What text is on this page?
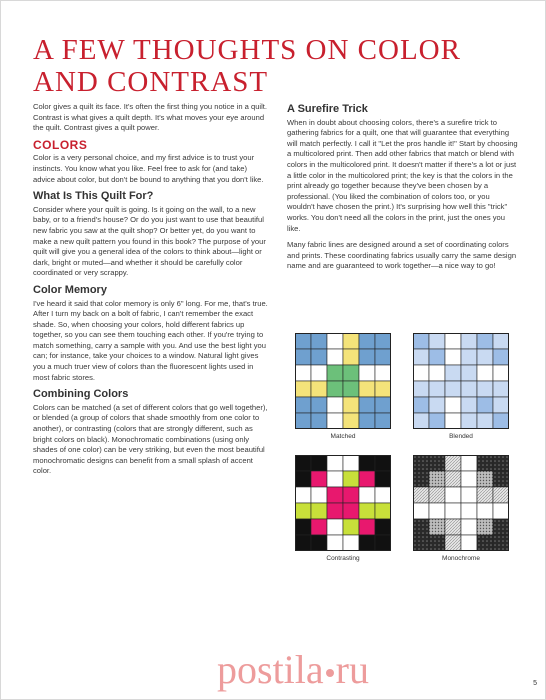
A FEW THOUGHTS ON COLOR AND CONTRAST

Color gives a quilt its face. It's often the first thing you notice in a quilt. Contrast is what gives a quilt depth. It's what moves your eye around the quilt. Contrast gives a quilt power.

COLORS

Color is a very personal choice, and my first advice is to trust your instincts. You know what you like. Feel free to ask for (and take) advice about color, but don't be bound to anything that you don't like.

What Is This Quilt For?

Consider where your quilt is going. Is it going on the wall, to a new baby, or to a friend's house? Or do you just want to use that beautiful new fabric you saw at the quilt shop? Or better yet, do you want to make a new quilt pattern you found in this book? The purpose of your quilt will give you a general idea of the colors to think about—light or dark, bright or muted—and whether it should be carefully color coordinated or very scrappy.

Color Memory

I've heard it said that color memory is only 6" long. For me, that's true. After I turn my back on a bolt of fabric, I can't remember the exact shade. So, when choosing your colors, hold different fabrics up together, so you can see them touching each other. If you're trying to match something, carry a sample with you. And use the best light you can; for instance, take your choices to a window. Natural light gives you a much truer view of colors than the fluorescent lights used in most fabric stores.

Combining Colors

Colors can be matched (a set of different colors that go well together), or blended (a group of colors that shade smoothly from one color to another), or contrasting (colors that are strongly different, such as bright colors on black). Monochromatic combinations (using only shades of one color) can be very striking, but even the most beautiful monochromatic designs can benefit from a small splash of accent color.

A Surefire Trick

When in doubt about choosing colors, there's a surefire trick to gathering fabrics for a quilt, one that will guarantee that everything will match perfectly. I call it "Let the pros handle it!" Start by choosing a multicolored print. Then add other fabrics that match or blend with colors in the multicolored print. It doesn't matter if there's a lot or just a little color in the multicolored print; the key is that the colors in the print already go together because they've been chosen by a professional. (You liked the combination of colors too, or you wouldn't have chosen the print.) It's surprising how well this "trick" works. You don't need all the colors in the print, just the ones you like.

Many fabric lines are designed around a set of coordinating colors and prints. These coordinating fabrics usually carry the same design name and are guaranteed to work together—a nice way to go!

Matched	Blended
Contrasting	Monochrome
postila ru	5
